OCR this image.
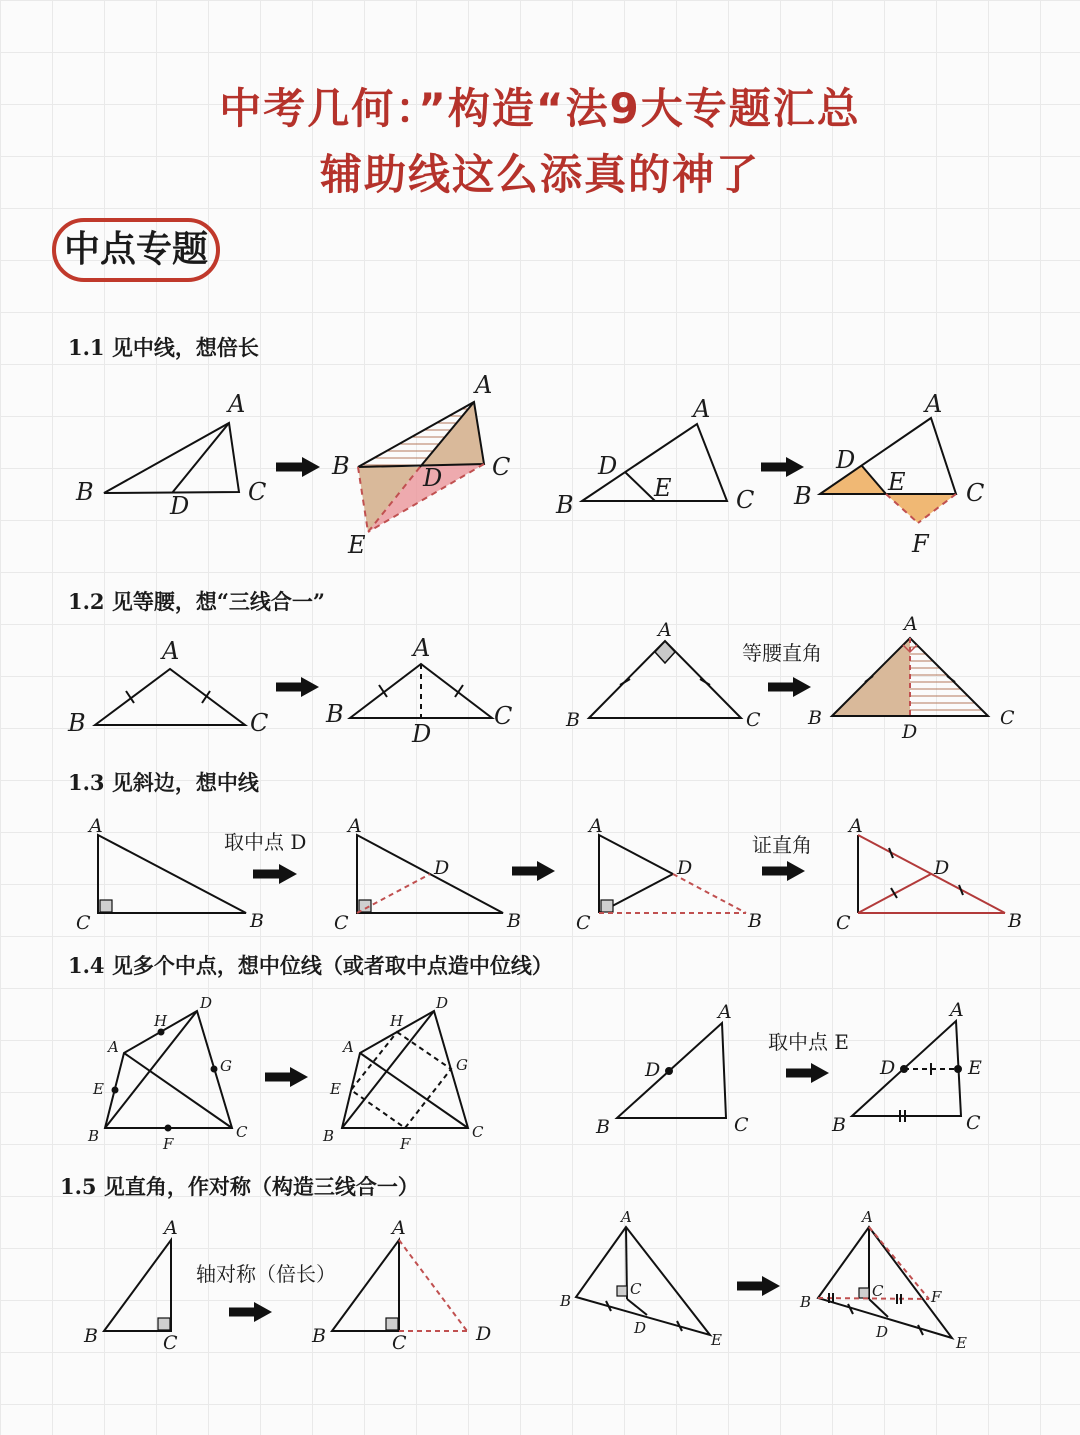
中考几何：”构造“法9大专题汇总
辅助线这么添真的神了
中点专题
1.1 见中线，想倍长
1.2 见等腰，想“三线合一”
1.3 见斜边，想中线
1.4 见多个中点，想中位线（或者取中点造中位线）
1.5 见直角，作对称（构造三线合一）
A
B	C
D
A
B	C
D
E
A
B	C
D
E
A
B	C
D
E
F
A
B	C
A
B	C
D
A
B	C
等腰直角
A
B	C
D
A
C	B
取中点 D
A
C	B
D
A
C	B
D
证直角
A
C	B
D
A
H
D
G
E
B	F
C
A
H
D
G
E
B	F
C
A
D
B	C
取中点 E
A
D	E
B	C
A
B	C
轴对称（倍长）
A
B	C	D
A
B
C
D
E
A
B
C
D
E
F
